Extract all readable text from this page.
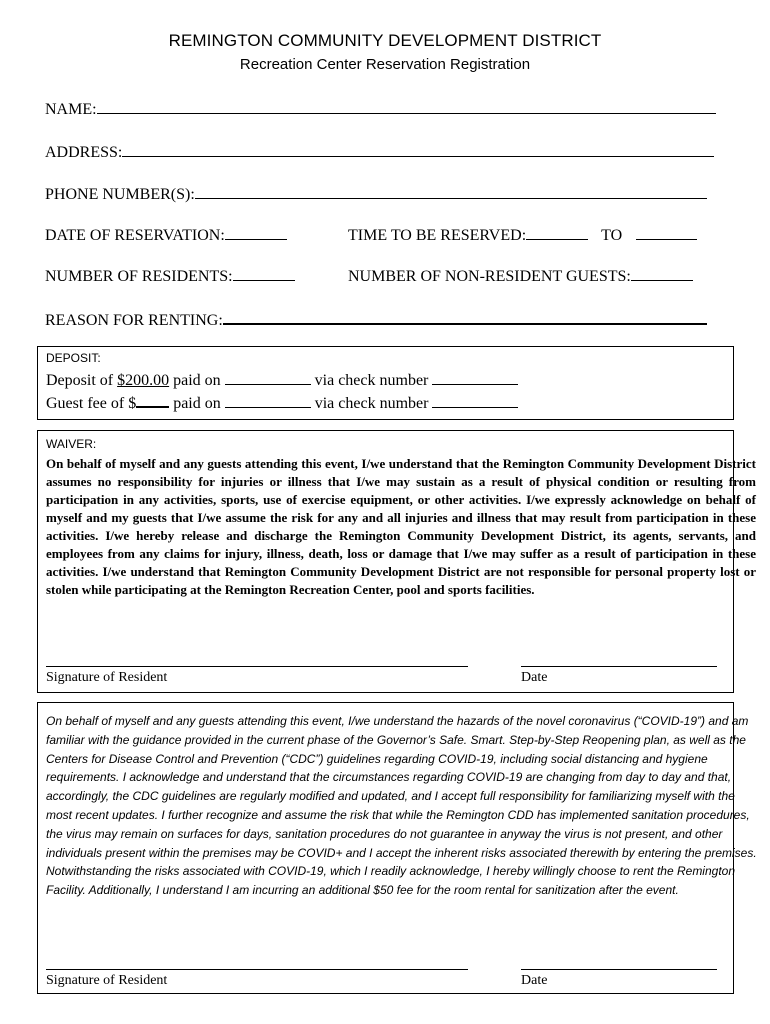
REMINGTON COMMUNITY DEVELOPMENT DISTRICT
Recreation Center Reservation Registration
NAME:
ADDRESS:
PHONE NUMBER(S):
DATE OF RESERVATION:	TIME TO BE RESERVED:	TO
NUMBER OF RESIDENTS:	NUMBER OF NON-RESIDENT GUESTS:
REASON FOR RENTING:
DEPOSIT:
Deposit of $200.00 paid on	via check number
Guest fee of $ paid on	via check number
WAIVER:
On behalf of myself and any guests attending this event, I/we understand that the Remington Community Development District assumes no responsibility for injuries or illness that I/we may sustain as a result of physical condition or resulting from participation in any activities, sports, use of exercise equipment, or other activities. I/we expressly acknowledge on behalf of myself and my guests that I/we assume the risk for any and all injuries and illness that may result from participation in these activities. I/we hereby release and discharge the Remington Community Development District, its agents, servants, and employees from any claims for injury, illness, death, loss or damage that I/we may suffer as a result of participation in these activities. I/we understand that Remington Community Development District are not responsible for personal property lost or stolen while participating at the Remington Recreation Center, pool and sports facilities.
Signature of Resident	Date
On behalf of myself and any guests attending this event, I/we understand the hazards of the novel coronavirus (“COVID-19”) and am familiar with the guidance provided in the current phase of the Governor’s Safe. Smart. Step-by-Step Reopening plan, as well as the Centers for Disease Control and Prevention (“CDC”) guidelines regarding COVID-19, including social distancing and hygiene requirements. I acknowledge and understand that the circumstances regarding COVID-19 are changing from day to day and that, accordingly, the CDC guidelines are regularly modified and updated, and I accept full responsibility for familiarizing myself with the most recent updates. I further recognize and assume the risk that while the Remington CDD has implemented sanitation procedures, the virus may remain on surfaces for days, sanitation procedures do not guarantee in anyway the virus is not present, and other individuals present within the premises may be COVID+ and I accept the inherent risks associated therewith by entering the premises. Notwithstanding the risks associated with COVID-19, which I readily acknowledge, I hereby willingly choose to rent the Remington Facility. Additionally, I understand I am incurring an additional $50 fee for the room rental for sanitization after the event.
Signature of Resident	Date
